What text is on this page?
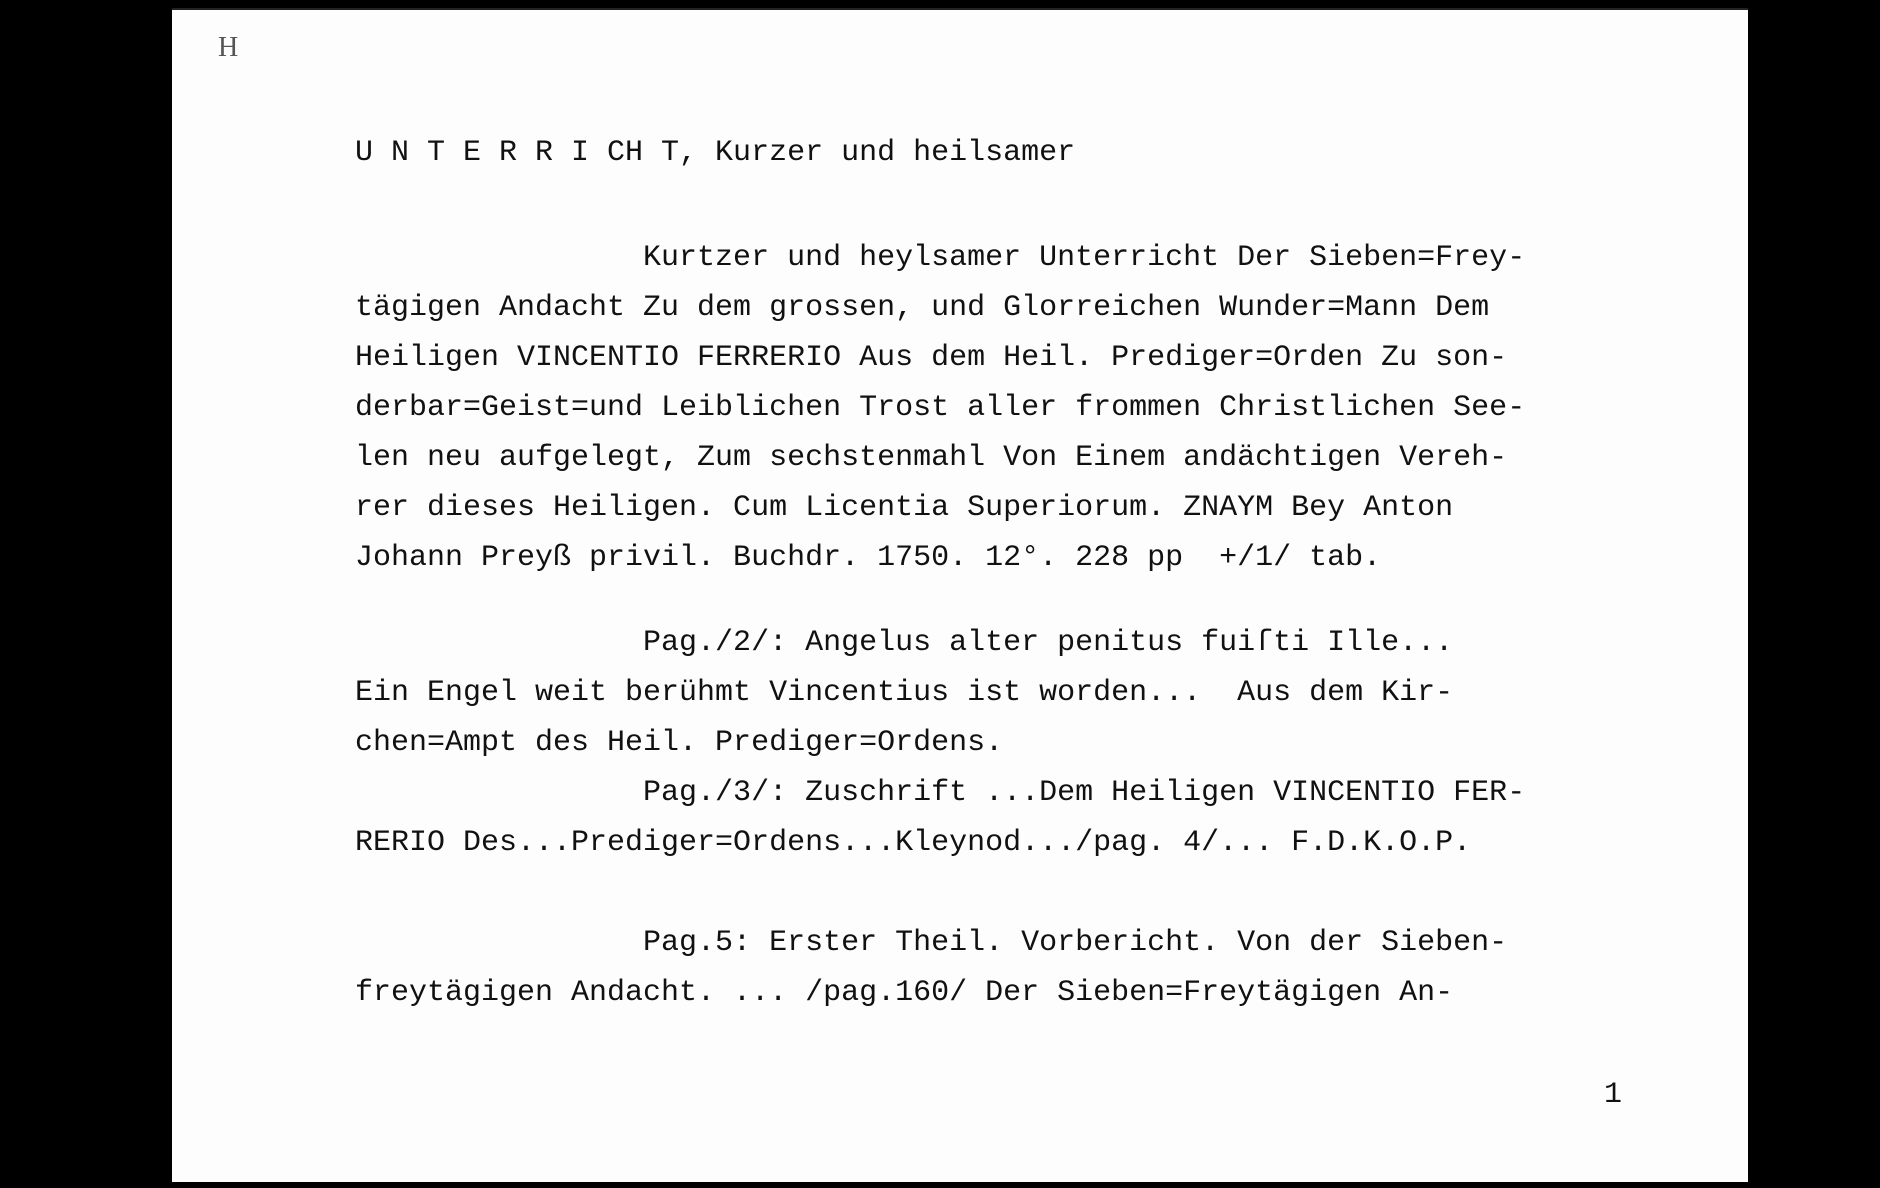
H
U N T E R R I CH T, Kurzer und heilsamer
Kurtzer und heylsamer Unterricht Der Sieben=Frey-
tägigen Andacht Zu dem grossen, und Glorreichen Wunder=Mann Dem
Heiligen VINCENTIO FERRERIO Aus dem Heil. Prediger=Orden Zu son-
derbar=Geist=und Leiblichen Trost aller frommen Christlichen See-
len neu aufgelegt, Zum sechstenmahl Von Einem andächtigen Vereh-
rer dieses Heiligen. Cum Licentia Superiorum. ZNAYM Bey Anton
Johann Preyß privil. Buchdr. 1750. 12°. 228 pp  +/1/ tab.
Pag./2/: Angelus alter penitus fuiſti Ille...
Ein Engel weit berühmt Vincentius ist worden...  Aus dem Kir-
chen=Ampt des Heil. Prediger=Ordens.
Pag./3/: Zuschrift ...Dem Heiligen VINCENTIO FER-
RERIO Des...Prediger=Ordens...Kleynod.../pag. 4/... F.D.K.O.P.
Pag.5: Erster Theil. Vorbericht. Von der Sieben-
freytägigen Andacht. ... /pag.160/ Der Sieben=Freytägigen An-
1
